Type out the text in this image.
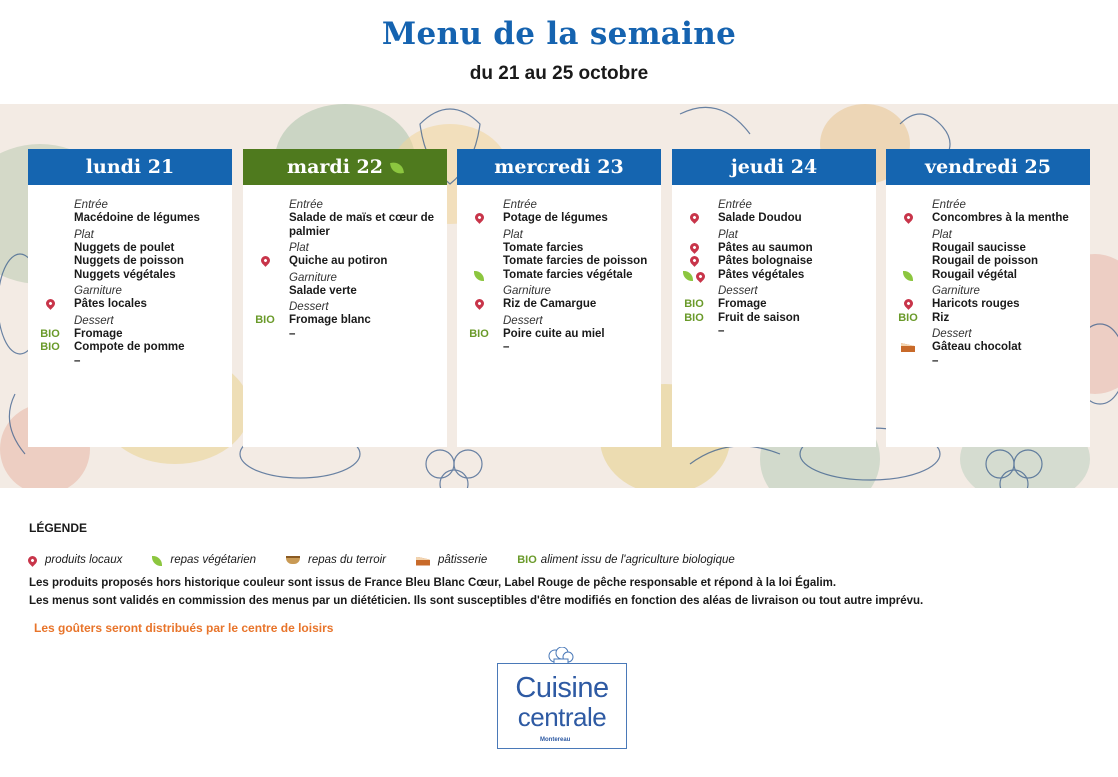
Menu de la semaine
du 21 au 25 octobre
lundi 21
Entrée
Macédoine de légumes
Plat
Nuggets de poulet
Nuggets de poisson
Nuggets végétales
Garniture
Pâtes locales
Dessert
BIO	Fromage
BIO	Compote de pomme
–
mardi 22
Entrée
Salade de maïs et cœur de palmier
Plat
Quiche au potiron
Garniture
Salade verte
Dessert
BIO	Fromage blanc
–
mercredi 23
Entrée
Potage de légumes
Plat
Tomate farcies
Tomate farcies de poisson
Tomate farcies végétale
Garniture
Riz de Camargue
Dessert
BIO	Poire cuite au miel
–
jeudi 24
Entrée
Salade Doudou
Plat
Pâtes au saumon
Pâtes bolognaise
Pâtes végétales
Dessert
BIO	Fromage
BIO	Fruit de saison
–
vendredi 25
Entrée
Concombres à la menthe
Plat
Rougail saucisse
Rougail de poisson
Rougail végétal
Garniture
Haricots rouges
BIO	Riz
Dessert
Gâteau chocolat
–
LÉGENDE
produits locaux	repas végétarien	repas du terroir	pâtisserie	BIO aliment issu de l'agriculture biologique
Les produits proposés hors historique couleur sont issus de France Bleu Blanc Cœur, Label Rouge de pêche responsable et répond à la loi Égalim.
Les menus sont validés en commission des menus par un diététicien. Ils sont susceptibles d'être modifiés en fonction des aléas de livraison ou tout autre imprévu.
Les goûters seront distribués par le centre de loisirs
Cuisine
centrale
Montereau
